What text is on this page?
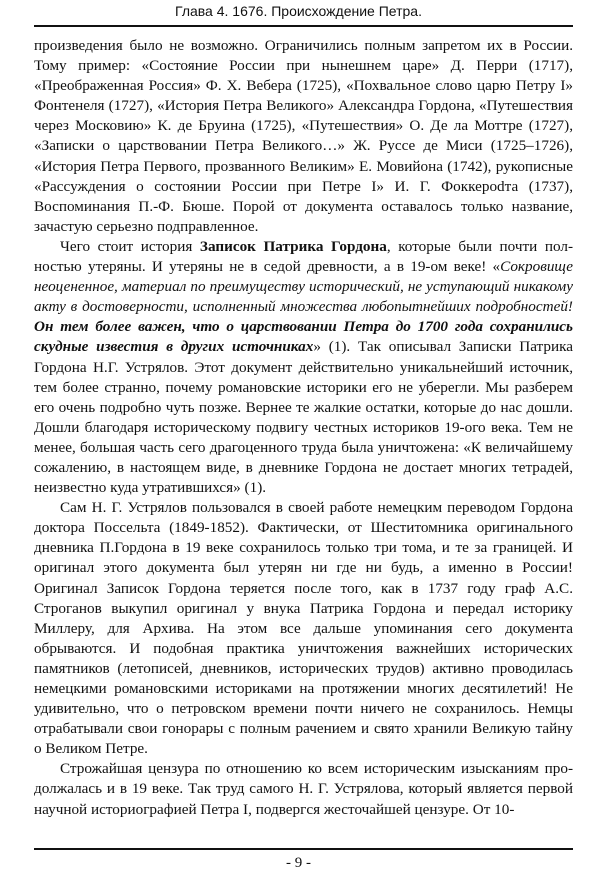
Глава 4. 1676. Происхождение Петра.

произведения было не возможно. Ограничились полным запретом их в России. Тому пример: «Состояние России при нынешнем царе» Д. Перри (1717), «Преображенная Россия» Ф. Х. Вебера (1725), «Похвальное слово царю Петру I» Фонтенеля (1727), «История Петра Великого» Александра Гордона, «Путешествия через Московию» К. де Бруина (1725), «Путешествия» О. Де ла Моттре (1727), «Записки о царствовании Петра Великого…» Ж. Руссе де Миси (1725–1726), «История Петра Первого, прозванного Великим» Е. Мовийона (1742), рукописные «Рассуждения о состоянии России при Петре I» И. Г. Фоккероdта (1737), Воспоминания П.-Ф. Бюше. Порой от документа оставалось только название, зачастую серьезно подправленное.

Чего стоит история Записок Патрика Гордона, которые были почти полностью утеряны. И утеряны не в седой древности, а в 19-ом веке! «Сокровище неоцененное, материал по преимуществу исторический, не уступающий никакому акту в достоверности, исполненный множества любопытнейших подробностей! Он тем более важен, что о царствовании Петра до 1700 года сохранились скудные известия в других источниках» (1). Так описывал Записки Патрика Гордона Н.Г. Устрялов. Этот документ действительно уникальнейший источник, тем более странно, почему романовские историки его не уберегли. Мы разберем его очень подробно чуть позже. Вернее те жалкие остатки, которые до нас дошли. Дошли благодаря историческому подвигу честных историков 19-ого века. Тем не менее, большая часть сего драгоценного труда была уничтожена: «К величайшему сожалению, в настоящем виде, в дневнике Гордона не достает многих тетрадей, неизвестно куда утратившихся» (1).

Сам Н. Г. Устрялов пользовался в своей работе немецким переводом Гордона доктора Поссельта (1849-1852). Фактически, от Шеститомника оригинального дневника П.Гордона в 19 веке сохранилось только три тома, и те за границей. И оригинал этого документа был утерян ни где ни будь, а именно в России! Оригинал Записок Гордона теряется после того, как в 1737 году граф А.С. Строганов выкупил оригинал у внука Патрика Гордона и передал историку Миллеру, для Архива. На этом все дальше упоминания сего документа обрываются. И подобная практика уничтожения важнейших исторических памятников (летописей, дневников, исторических трудов) активно проводилась немецкими романовскими историками на протяжении многих десятилетий! Не удивительно, что о петровском времени почти ничего не сохранилось. Немцы отрабатывали свои гонорары с полным рачением и свято хранили Великую тайну о Великом Петре.

Строжайшая цензура по отношению ко всем историческим изысканиям продолжалась и в 19 веке. Так труд самого Н. Г. Устрялова, который является первой научной историографией Петра I, подвергся жесточайшей цензуре. От 10-

- 9 -
